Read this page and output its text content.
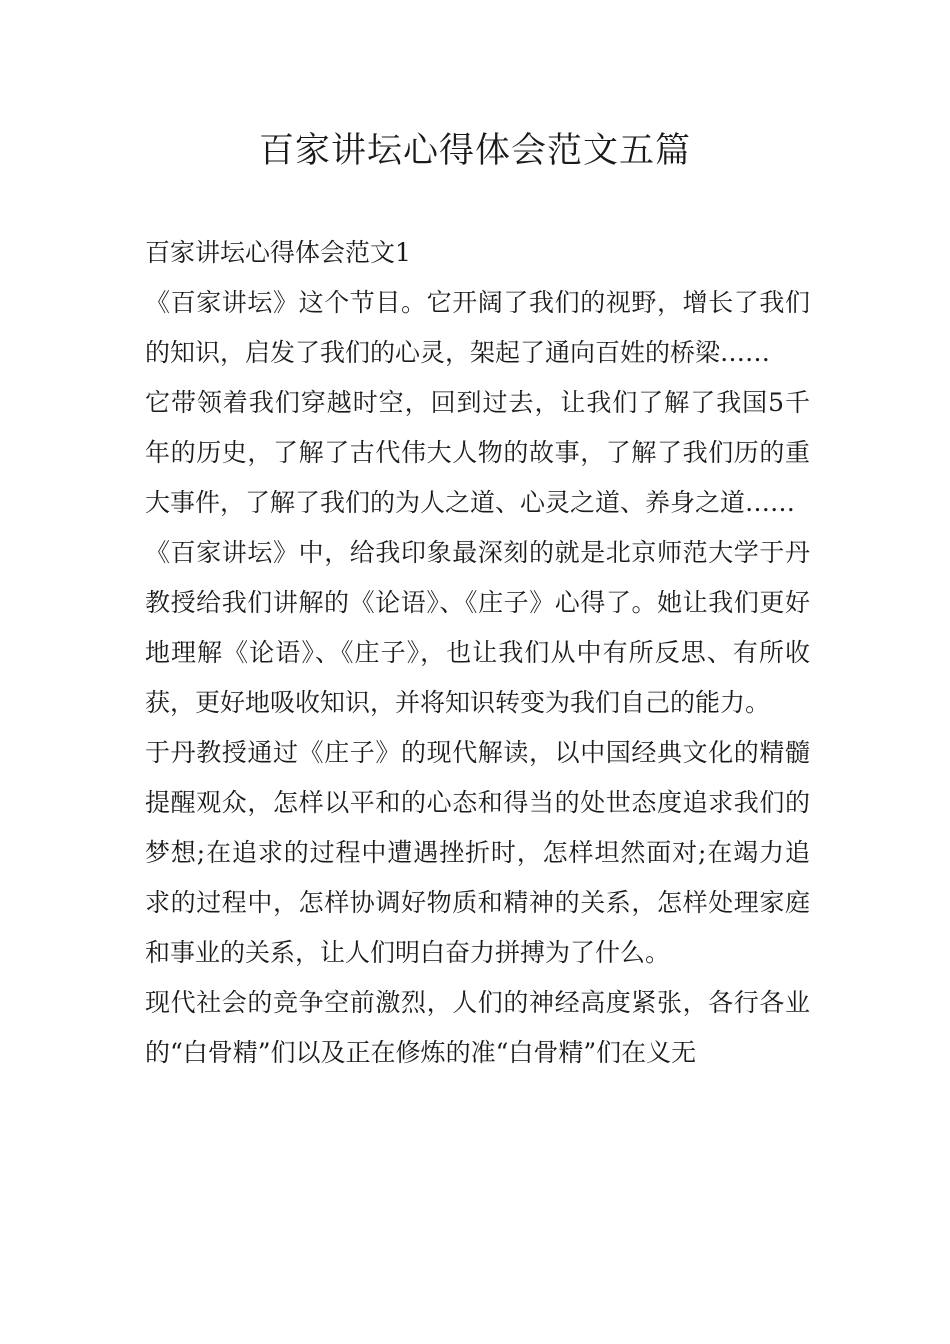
百家讲坛心得体会范文五篇

百家讲坛心得体会范文1

《百家讲坛》这个节目。它开阔了我们的视野，增长了我们的知识，启发了我们的心灵，架起了通向百姓的桥梁……

它带领着我们穿越时空，回到过去，让我们了解了我国5千年的历史，了解了古代伟大人物的故事，了解了我们历的重大事件，了解了我们的为人之道、心灵之道、养身之道……

《百家讲坛》中，给我印象最深刻的就是北京师范大学于丹教授给我们讲解的《论语》、《庄子》心得了。她让我们更好地理解《论语》、《庄子》，也让我们从中有所反思、有所收获，更好地吸收知识，并将知识转变为我们自己的能力。

于丹教授通过《庄子》的现代解读，以中国经典文化的精髓提醒观众，怎样以平和的心态和得当的处世态度追求我们的梦想;在追求的过程中遭遇挫折时，怎样坦然面对;在竭力追求的过程中，怎样协调好物质和精神的关系，怎样处理家庭和事业的关系，让人们明白奋力拼搏为了什么。

现代社会的竞争空前激烈，人们的神经高度紧张，各行各业的“白骨精”们以及正在修炼的准“白骨精”们在义无
